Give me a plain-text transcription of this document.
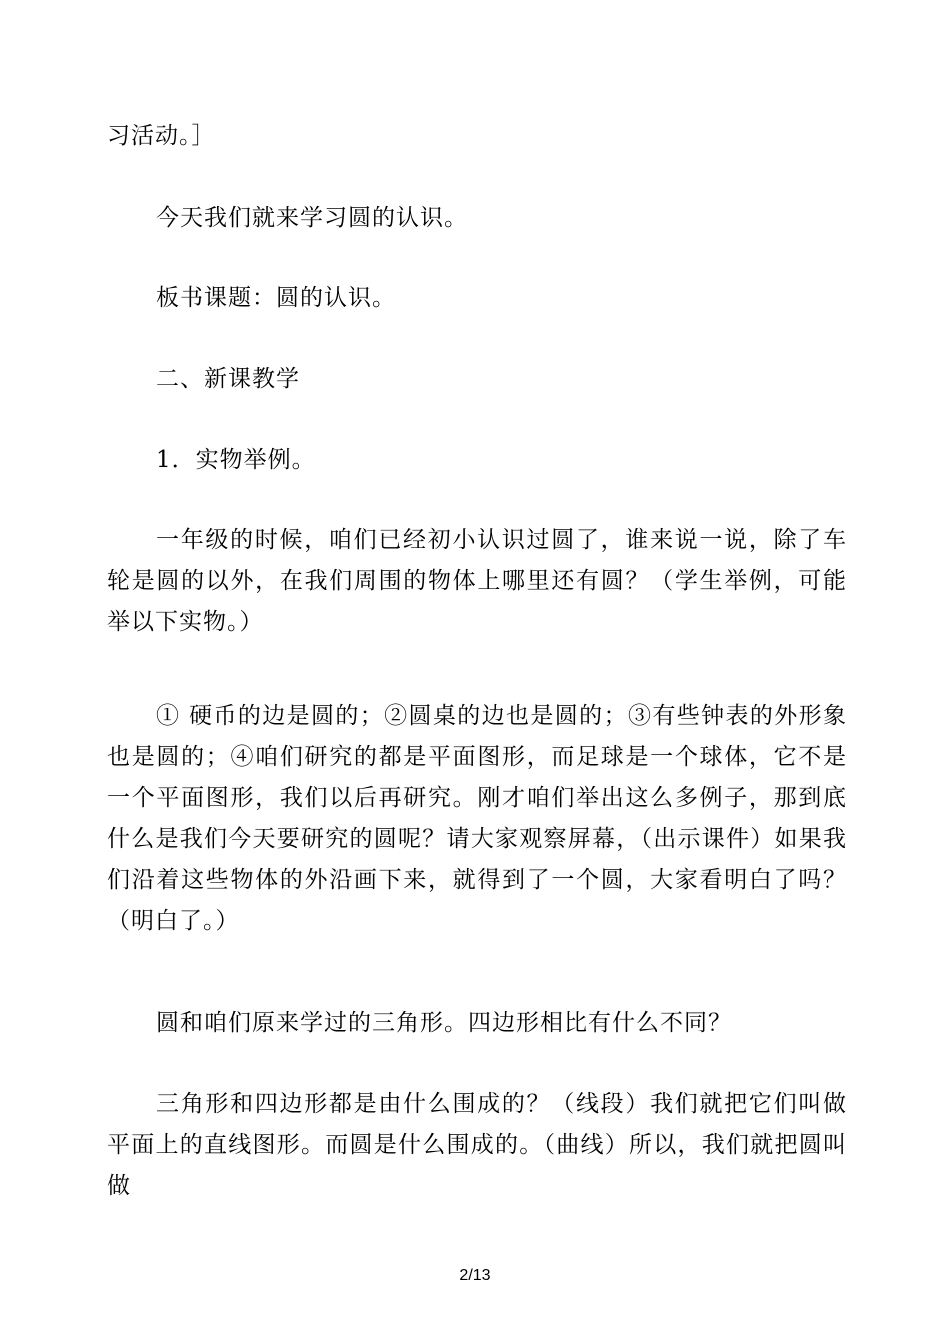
习活动。］

今天我们就来学习圆的认识。

板书课题：圆的认识。

二、新课教学

1．实物举例。

一年级的时候，咱们已经初小认识过圆了，谁来说一说，除了车轮是圆的以外，在我们周围的物体上哪里还有圆？（学生举例，可能举以下实物。）

① 硬币的边是圆的；②圆桌的边也是圆的；③有些钟表的外形象也是圆的；④咱们研究的都是平面图形，而足球是一个球体，它不是一个平面图形，我们以后再研究。刚才咱们举出这么多例子，那到底什么是我们今天要研究的圆呢？请大家观察屏幕，（出示课件）如果我们沿着这些物体的外沿画下来，就得到了一个圆，大家看明白了吗？（明白了。）

圆和咱们原来学过的三角形。四边形相比有什么不同？

三角形和四边形都是由什么围成的？（线段）我们就把它们叫做平面上的直线图形。而圆是什么围成的。（曲线）所以，我们就把圆叫做

2/13
